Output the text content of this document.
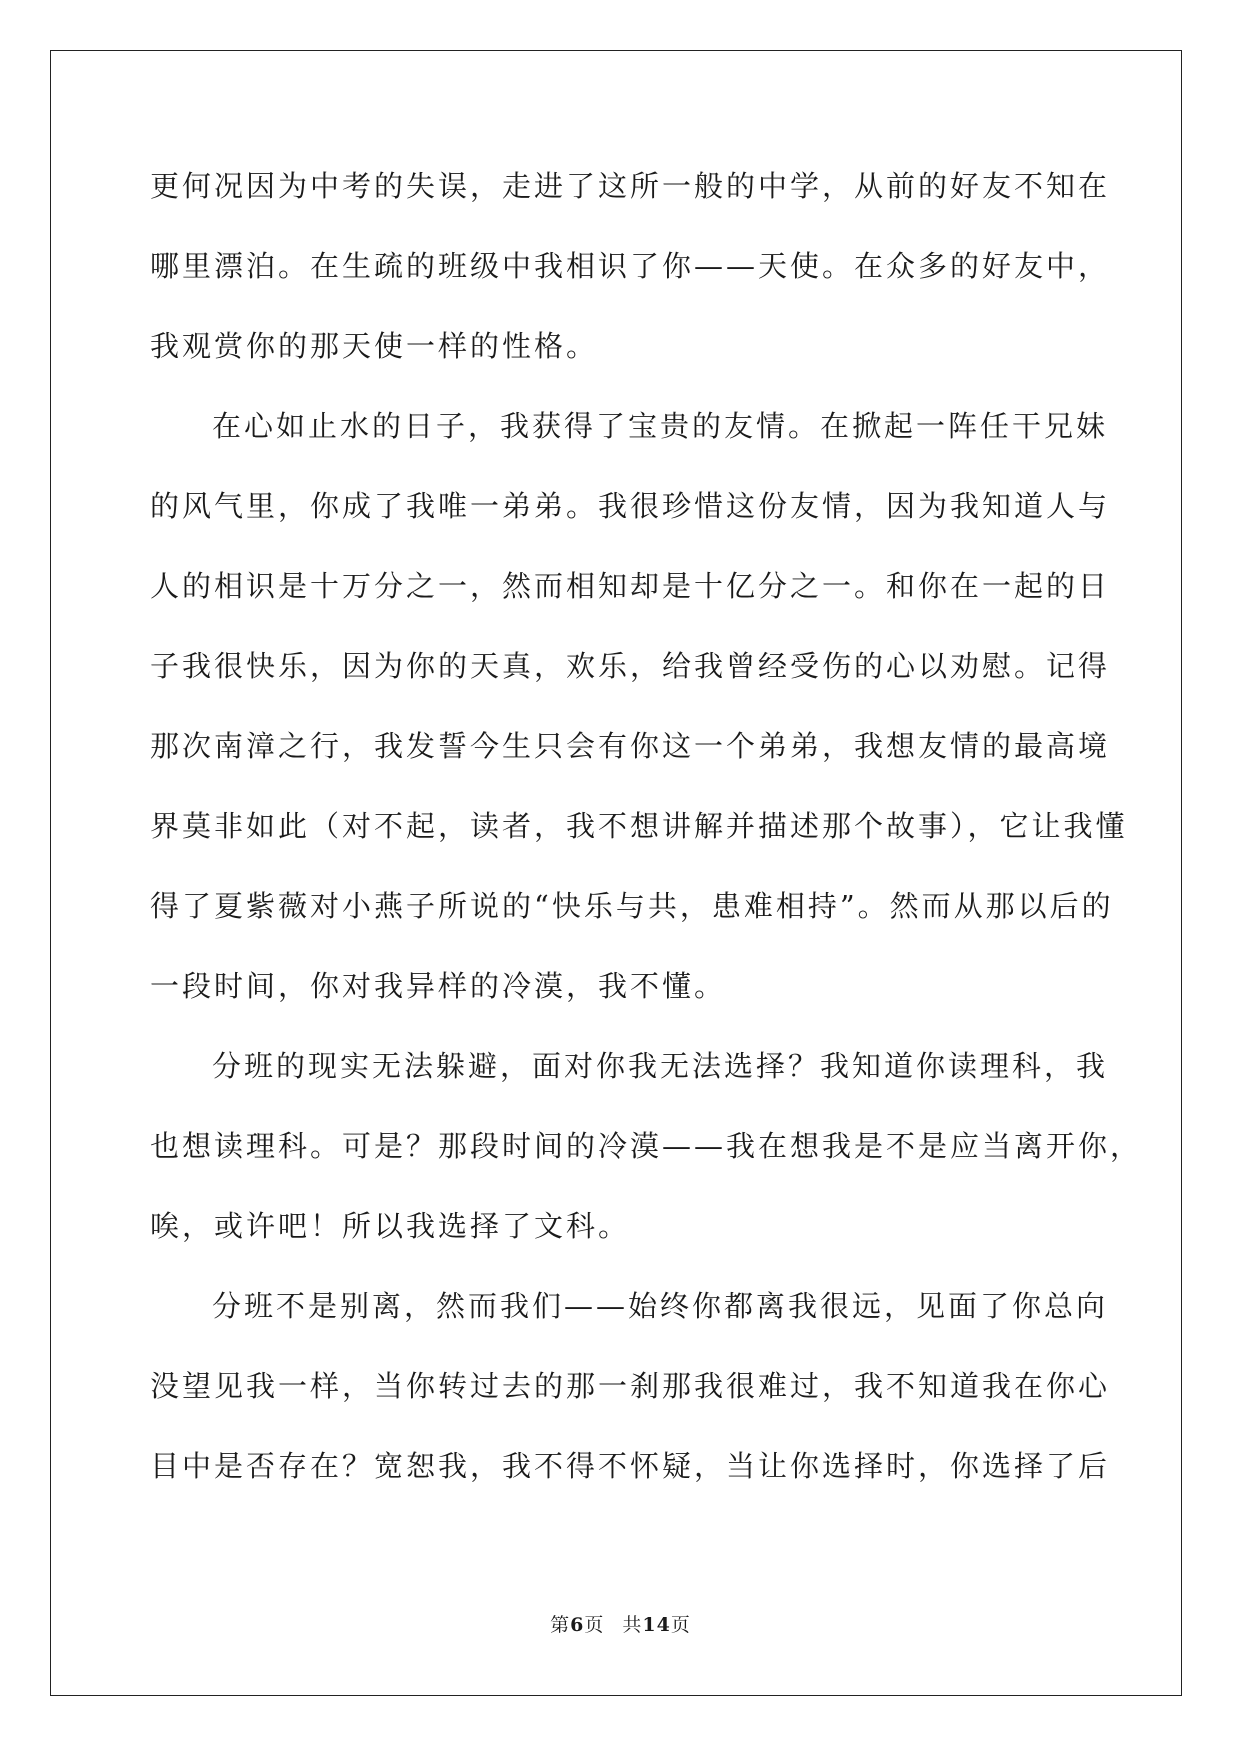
更何况因为中考的失误，走进了这所一般的中学，从前的好友不知在
哪里漂泊。在生疏的班级中我相识了你——天使。在众多的好友中，
我观赏你的那天使一样的性格。
在心如止水的日子，我获得了宝贵的友情。在掀起一阵任干兄妹
的风气里，你成了我唯一弟弟。我很珍惜这份友情，因为我知道人与
人的相识是十万分之一，然而相知却是十亿分之一。和你在一起的日
子我很快乐，因为你的天真，欢乐，给我曾经受伤的心以劝慰。记得
那次南漳之行，我发誓今生只会有你这一个弟弟，我想友情的最高境
界莫非如此（对不起，读者，我不想讲解并描述那个故事），它让我懂
得了夏紫薇对小燕子所说的“快乐与共，患难相持”。然而从那以后的
一段时间，你对我异样的冷漠，我不懂。
分班的现实无法躲避，面对你我无法选择？我知道你读理科，我
也想读理科。可是？那段时间的冷漠——我在想我是不是应当离开你，
唉，或许吧！所以我选择了文科。
分班不是别离，然而我们——始终你都离我很远，见面了你总向
没望见我一样，当你转过去的那一刹那我很难过，我不知道我在你心
目中是否存在？宽恕我，我不得不怀疑，当让你选择时，你选择了后
第6页 共14页
